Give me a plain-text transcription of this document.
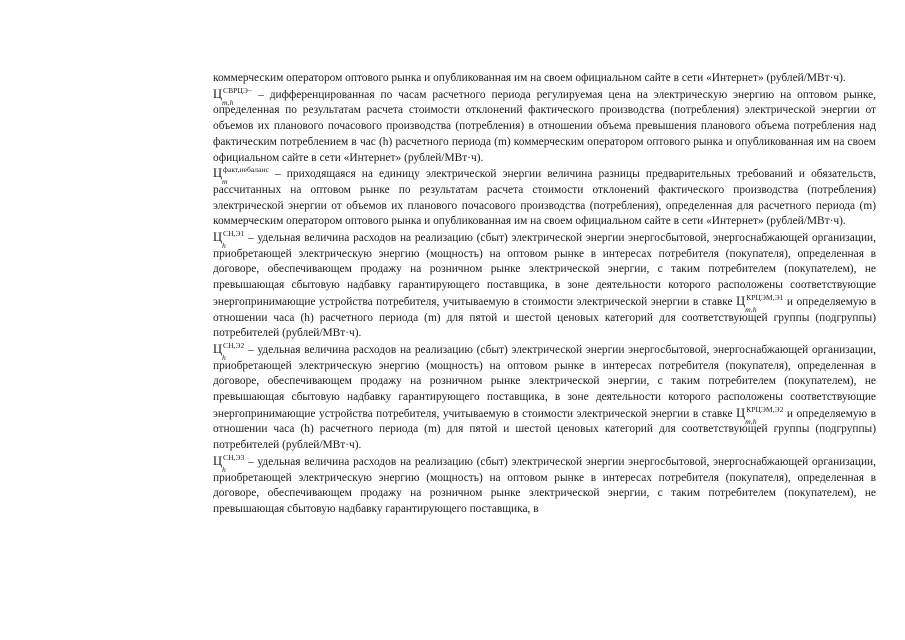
коммерческим оператором оптового рынка и опубликованная им на своем официальном сайте в сети «Интернет» (рублей/МВт·ч).

$Ц^{СВРЦЭ-}$
m,h
– дифференцированная по часам расчетного периода регулируемая цена на электрическую энергию на оптовом рынке, определенная по результатам расчета стоимости отклонений фактического производства (потребления) электрической энергии от объемов их планового почасового производства (потребления) в отношении объема превышения планового объема потребления над фактическим потреблением в час (h) расчетного периода (m) коммерческим оператором оптового рынка и опубликованная им на своем официальном сайте в сети «Интернет» (рублей/МВт·ч).

$Ц^{факт,небаланс}$
m
– приходящаяся на единицу электрической энергии величина разницы предварительных требований и обязательств, рассчитанных на оптовом рынке по результатам расчета стоимости отклонений фактического производства (потребления) электрической энергии от объемов их планового почасового производства (потребления), определенная для расчетного периода (m) коммерческим оператором оптового рынка и опубликованная им на своем официальном сайте в сети «Интернет» (рублей/МВт·ч).

$Ц^{СН,Э1}$
h
– удельная величина расходов на реализацию (сбыт) электрической энергии энергосбытовой, энергоснабжающей организации, приобретающей электрическую энергию (мощность) на оптовом рынке в интересах потребителя (покупателя), определенная в договоре, обеспечивающем продажу на розничном рынке электрической энергии, с таким потребителем (покупателем), не превышающая сбытовую надбавку гарантирующего поставщика, в зоне деятельности которого расположены соответствующие энергопринимающие устройства потребителя, учитываемую в стоимости электрической энергии в ставке $Ц^{КРЦЭМ,Э1}$
m,h
и определяемую в отношении часа (h) расчетного периода (m) для пятой и шестой ценовых категорий для соответствующей группы (подгруппы) потребителей (рублей/МВт·ч).

$Ц^{СН,Э2}$
h
– удельная величина расходов на реализацию (сбыт) электрической энергии энергосбытовой, энергоснабжающей организации, приобретающей электрическую энергию (мощность) на оптовом рынке в интересах потребителя (покупателя), определенная в договоре, обеспечивающем продажу на розничном рынке электрической энергии, с таким потребителем (покупателем), не превышающая сбытовую надбавку гарантирующего поставщика, в зоне деятельности которого расположены соответствующие энергопринимающие устройства потребителя, учитываемую в стоимости электрической энергии в ставке $Ц^{КРЦЭМ,Э2}$
m,h
и определяемую в отношении часа (h) расчетного периода (m) для пятой и шестой ценовых категорий для соответствующей группы (подгруппы) потребителей (рублей/МВт·ч).

$Ц^{СН,Э3}$
h
– удельная величина расходов на реализацию (сбыт) электрической энергии энергосбытовой, энергоснабжающей организации, приобретающей электрическую энергию (мощность) на оптовом рынке в интересах потребителя (покупателя), определенная в договоре, обеспечивающем продажу на розничном рынке электрической энергии, с таким потребителем (покупателем), не превышающая сбытовую надбавку гарантирующего поставщика, в
